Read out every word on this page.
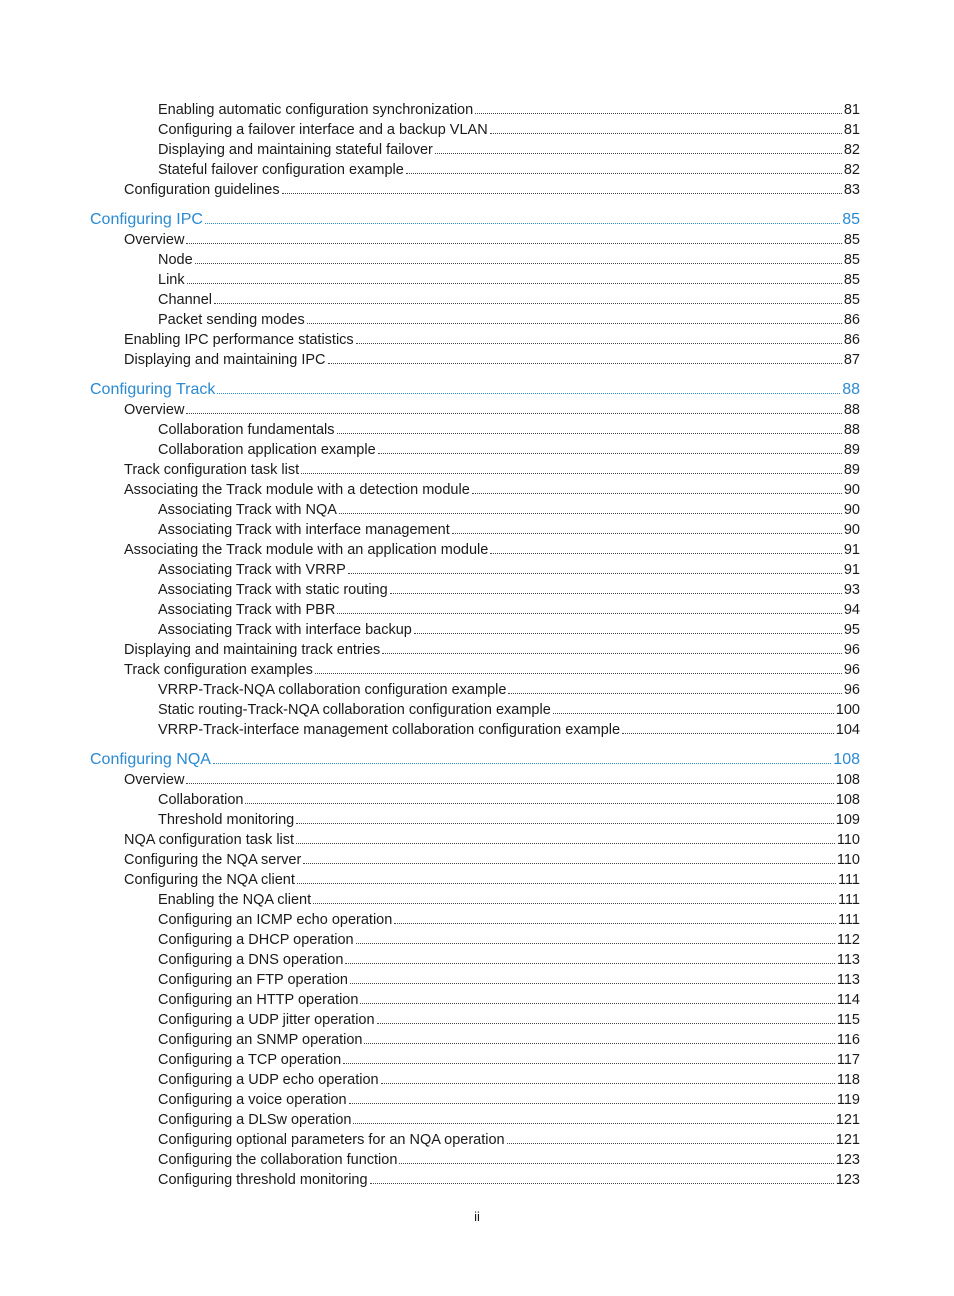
Enabling automatic configuration synchronization	81
Configuring a failover interface and a backup VLAN	81
Displaying and maintaining stateful failover	82
Stateful failover configuration example	82
Configuration guidelines	83
Configuring IPC	85
Overview	85
Node	85
Link	85
Channel	85
Packet sending modes	86
Enabling IPC performance statistics	86
Displaying and maintaining IPC	87
Configuring Track	88
Overview	88
Collaboration fundamentals	88
Collaboration application example	89
Track configuration task list	89
Associating the Track module with a detection module	90
Associating Track with NQA	90
Associating Track with interface management	90
Associating the Track module with an application module	91
Associating Track with VRRP	91
Associating Track with static routing	93
Associating Track with PBR	94
Associating Track with interface backup	95
Displaying and maintaining track entries	96
Track configuration examples	96
VRRP-Track-NQA collaboration configuration example	96
Static routing-Track-NQA collaboration configuration example	100
VRRP-Track-interface management collaboration configuration example	104
Configuring NQA	108
Overview	108
Collaboration	108
Threshold monitoring	109
NQA configuration task list	110
Configuring the NQA server	110
Configuring the NQA client	111
Enabling the NQA client	111
Configuring an ICMP echo operation	111
Configuring a DHCP operation	112
Configuring a DNS operation	113
Configuring an FTP operation	113
Configuring an HTTP operation	114
Configuring a UDP jitter operation	115
Configuring an SNMP operation	116
Configuring a TCP operation	117
Configuring a UDP echo operation	118
Configuring a voice operation	119
Configuring a DLSw operation	121
Configuring optional parameters for an NQA operation	121
Configuring the collaboration function	123
Configuring threshold monitoring	123
ii
